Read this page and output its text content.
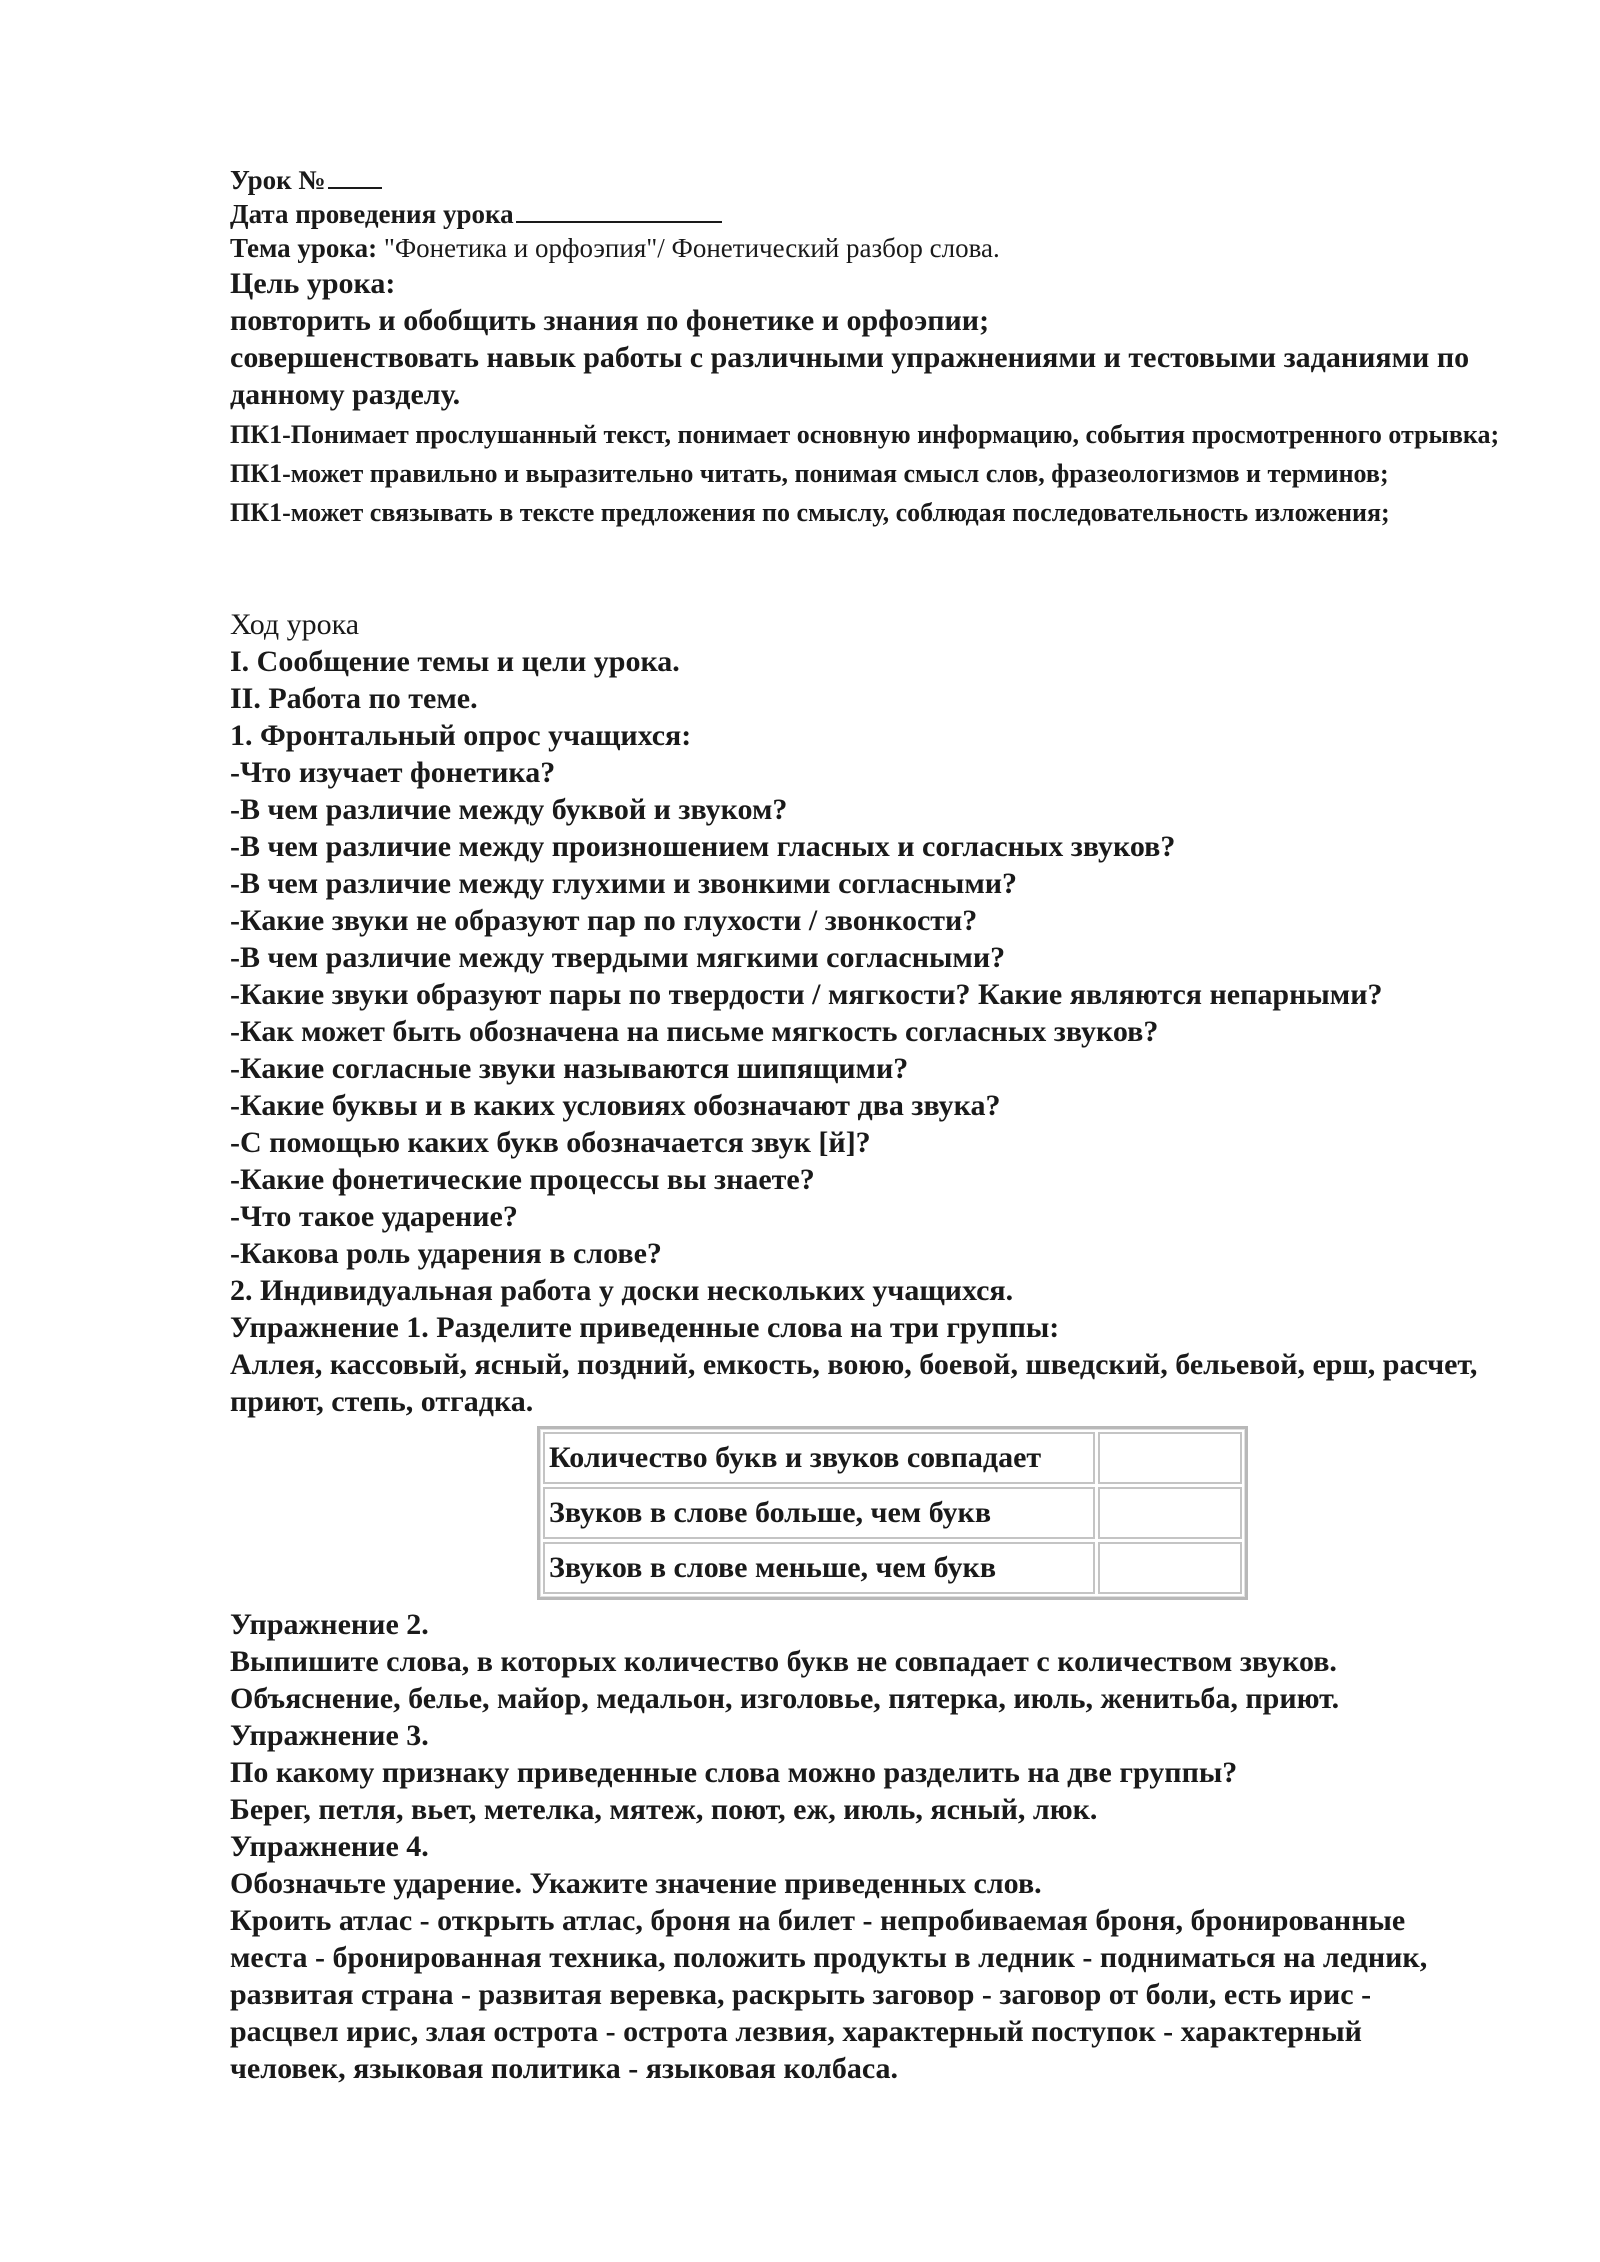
Урок №
Дата проведения урока
Тема урока: "Фонетика и орфоэпия"/ Фонетический разбор слова.
Цель урока:
повторить и обобщить знания по фонетике и орфоэпии;
совершенствовать навык работы с различными упражнениями и тестовыми заданиями по данному разделу.
ПК1-Понимает прослушанный текст, понимает основную информацию, события просмотренного отрывка;
ПК1-может правильно и выразительно читать, понимая смысл слов, фразеологизмов и терминов;
ПК1-может связывать в тексте предложения по смыслу, соблюдая последовательность изложения;
Ход урока
I. Сообщение темы и цели урока.
II. Работа по теме.
1. Фронтальный опрос учащихся:
-Что изучает фонетика?
-В чем различие между буквой и звуком?
-В чем различие между произношением гласных и согласных звуков?
-В чем различие между глухими и звонкими согласными?
-Какие звуки не образуют пар по глухости / звонкости?
-В чем различие между твердыми мягкими согласными?
-Какие звуки образуют пары по твердости / мягкости? Какие являются непарными?
-Как может быть обозначена на письме мягкость согласных звуков?
-Какие согласные звуки называются шипящими?
-Какие буквы и в каких условиях обозначают два звука?
-С помощью каких букв обозначается звук [й]?
-Какие фонетические процессы вы знаете?
-Что такое ударение?
-Какова роль ударения в слове?
2. Индивидуальная работа у доски нескольких учащихся.
Упражнение 1. Разделите приведенные слова на три группы:
Аллея, кассовый, ясный, поздний, емкость, воюю, боевой, шведский, бельевой, ерш, расчет, приют, степь, отгадка.
Количество букв и звуков совпадает	
Звуков в слове больше, чем букв	
Звуков в слове меньше, чем букв	
Упражнение 2.
Выпишите слова, в которых количество букв не совпадает с количеством звуков.
Объяснение, белье, майор, медальон, изголовье, пятерка, июль, женитьба, приют.
Упражнение 3.
По какому признаку приведенные слова можно разделить на две группы?
Берег, петля, вьет, метелка, мятеж, поют, еж, июль, ясный, люк.
Упражнение 4.
Обозначьте ударение. Укажите значение приведенных слов.
Кроить атлас - открыть атлас, броня на билет - непробиваемая броня, бронированные
места - бронированная техника, положить продукты в ледник - подниматься на ледник,
развитая страна - развитая веревка, раскрыть заговор - заговор от боли, есть ирис -
расцвел ирис, злая острота - острота лезвия, характерный поступок - характерный
человек, языковая политика - языковая колбаса.
